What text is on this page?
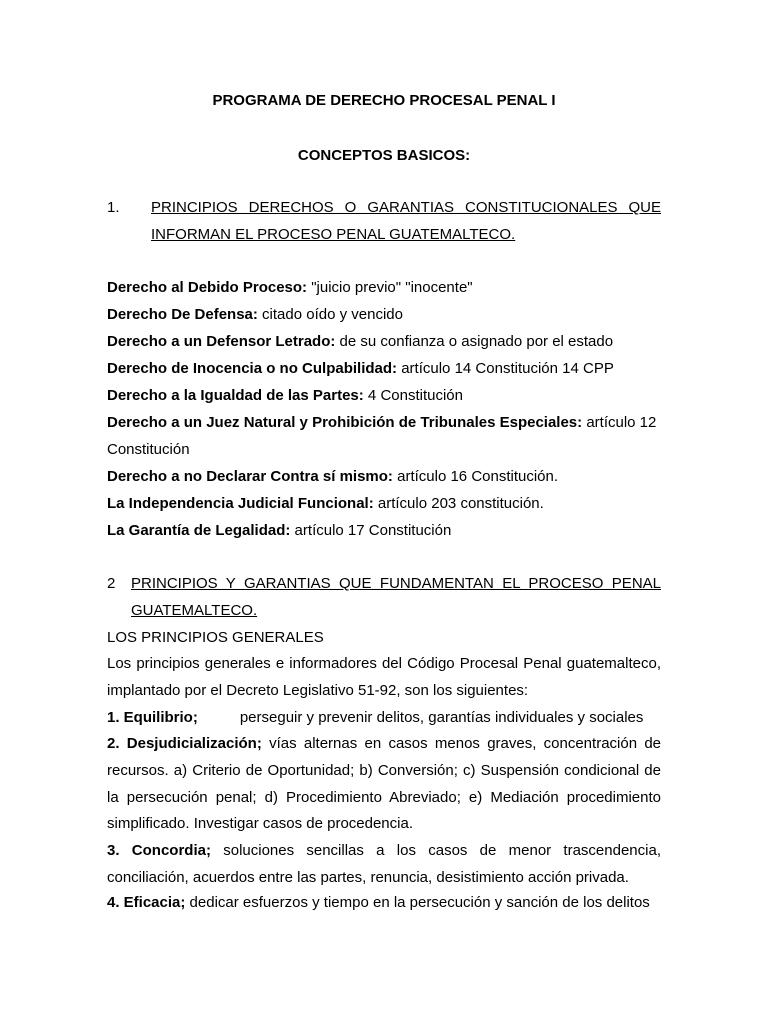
PROGRAMA DE DERECHO PROCESAL PENAL I
CONCEPTOS BASICOS:
1. PRINCIPIOS DERECHOS O GARANTIAS CONSTITUCIONALES QUE INFORMAN EL PROCESO PENAL GUATEMALTECO.
Derecho al Debido Proceso: "juicio previo" "inocente"
Derecho De Defensa: citado oído y vencido
Derecho a un Defensor Letrado: de su confianza o asignado por el estado
Derecho de Inocencia o no Culpabilidad: artículo 14 Constitución 14 CPP
Derecho a la Igualdad de las Partes: 4 Constitución
Derecho a un Juez Natural y Prohibición de Tribunales Especiales: artículo 12 Constitución
Derecho a no Declarar Contra sí mismo: artículo 16 Constitución.
La Independencia Judicial Funcional: artículo 203 constitución.
La Garantía de Legalidad: artículo 17 Constitución
2 PRINCIPIOS Y GARANTIAS QUE FUNDAMENTAN EL PROCESO PENAL GUATEMALTECO.
LOS PRINCIPIOS GENERALES
Los principios generales e informadores del Código Procesal Penal guatemalteco, implantado por el Decreto Legislativo 51-92, son los siguientes:
1. Equilibrio;	perseguir y prevenir delitos, garantías individuales y sociales
2. Desjudicialización; vías alternas en casos menos graves, concentración de recursos. a) Criterio de Oportunidad; b) Conversión; c) Suspensión condicional de la persecución penal; d) Procedimiento Abreviado; e) Mediación procedimiento simplificado. Investigar casos de procedencia.
3. Concordia; soluciones sencillas a los casos de menor trascendencia, conciliación, acuerdos entre las partes, renuncia, desistimiento acción privada.
4. Eficacia; dedicar esfuerzos y tiempo en la persecución y sanción de los delitos
